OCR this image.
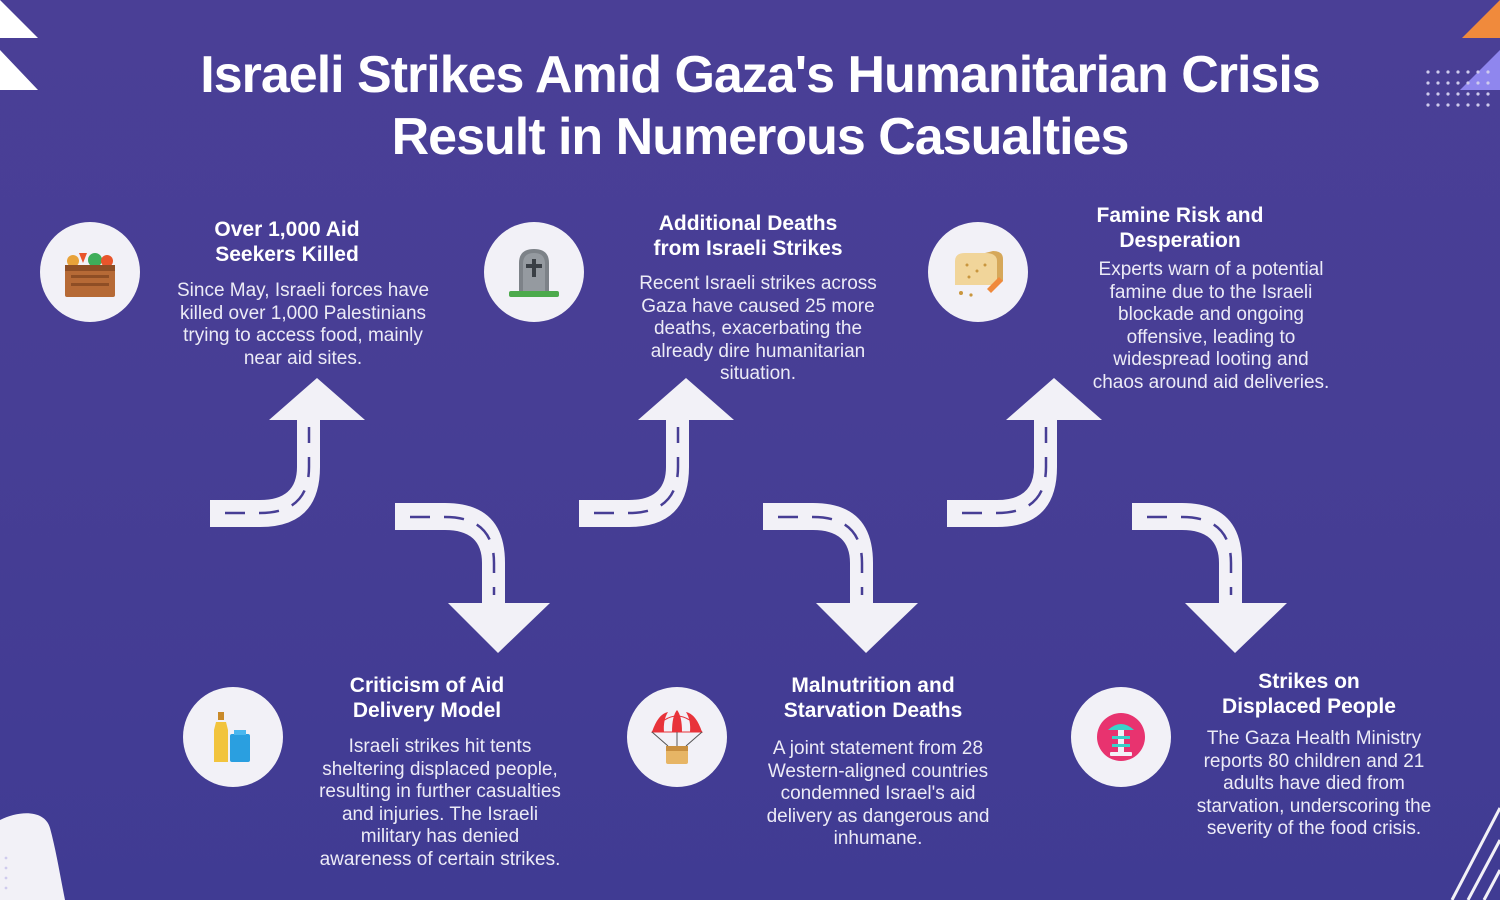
Israeli Strikes Amid Gaza's Humanitarian Crisis
Result in Numerous Casualties
Over 1,000 Aid
Seekers Killed
Since May, Israeli forces have
killed over 1,000 Palestinians
trying to access food, mainly
near aid sites.
Criticism of Aid
Delivery Model
Israeli strikes hit tents
sheltering displaced people,
resulting in further casualties
and injuries. The Israeli
military has denied
awareness of certain strikes.
Additional Deaths
from Israeli Strikes
Recent Israeli strikes across
Gaza have caused 25 more
deaths, exacerbating the
already dire humanitarian
situation.
Malnutrition and
Starvation Deaths
A joint statement from 28
Western-aligned countries
condemned Israel's aid
delivery as dangerous and
inhumane.
Famine Risk and
Desperation
Experts warn of a potential
famine due to the Israeli
blockade and ongoing
offensive, leading to
widespread looting and
chaos around aid deliveries.
Strikes on
Displaced People
The Gaza Health Ministry
reports 80 children and 21
adults have died from
starvation, underscoring the
severity of the food crisis.
